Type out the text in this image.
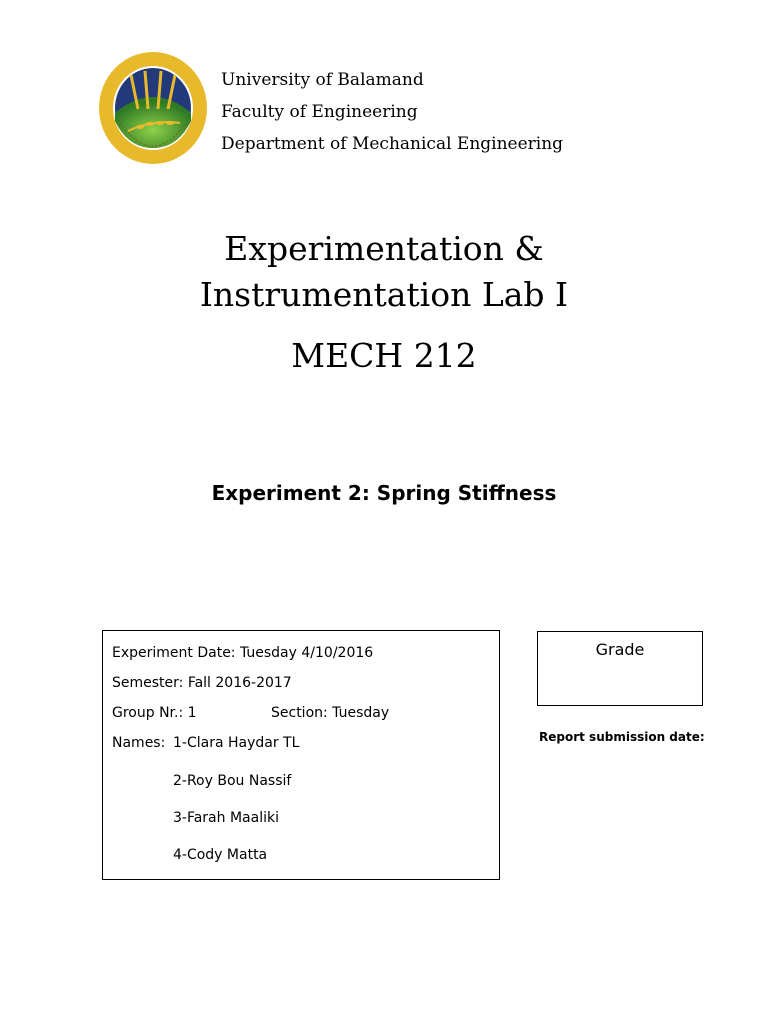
University of Balamand
Faculty of Engineering
Department of Mechanical Engineering
Experimentation &
Instrumentation Lab I
MECH 212
Experiment 2: Spring Stiffness
Experiment Date: Tuesday 4/10/2016
Semester: Fall 2016-2017
Group Nr.: 1	Section: Tuesday
Names: 1-Clara Haydar TL
2-Roy Bou Nassif
3-Farah Maaliki
4-Cody Matta
Grade
Report submission date:
